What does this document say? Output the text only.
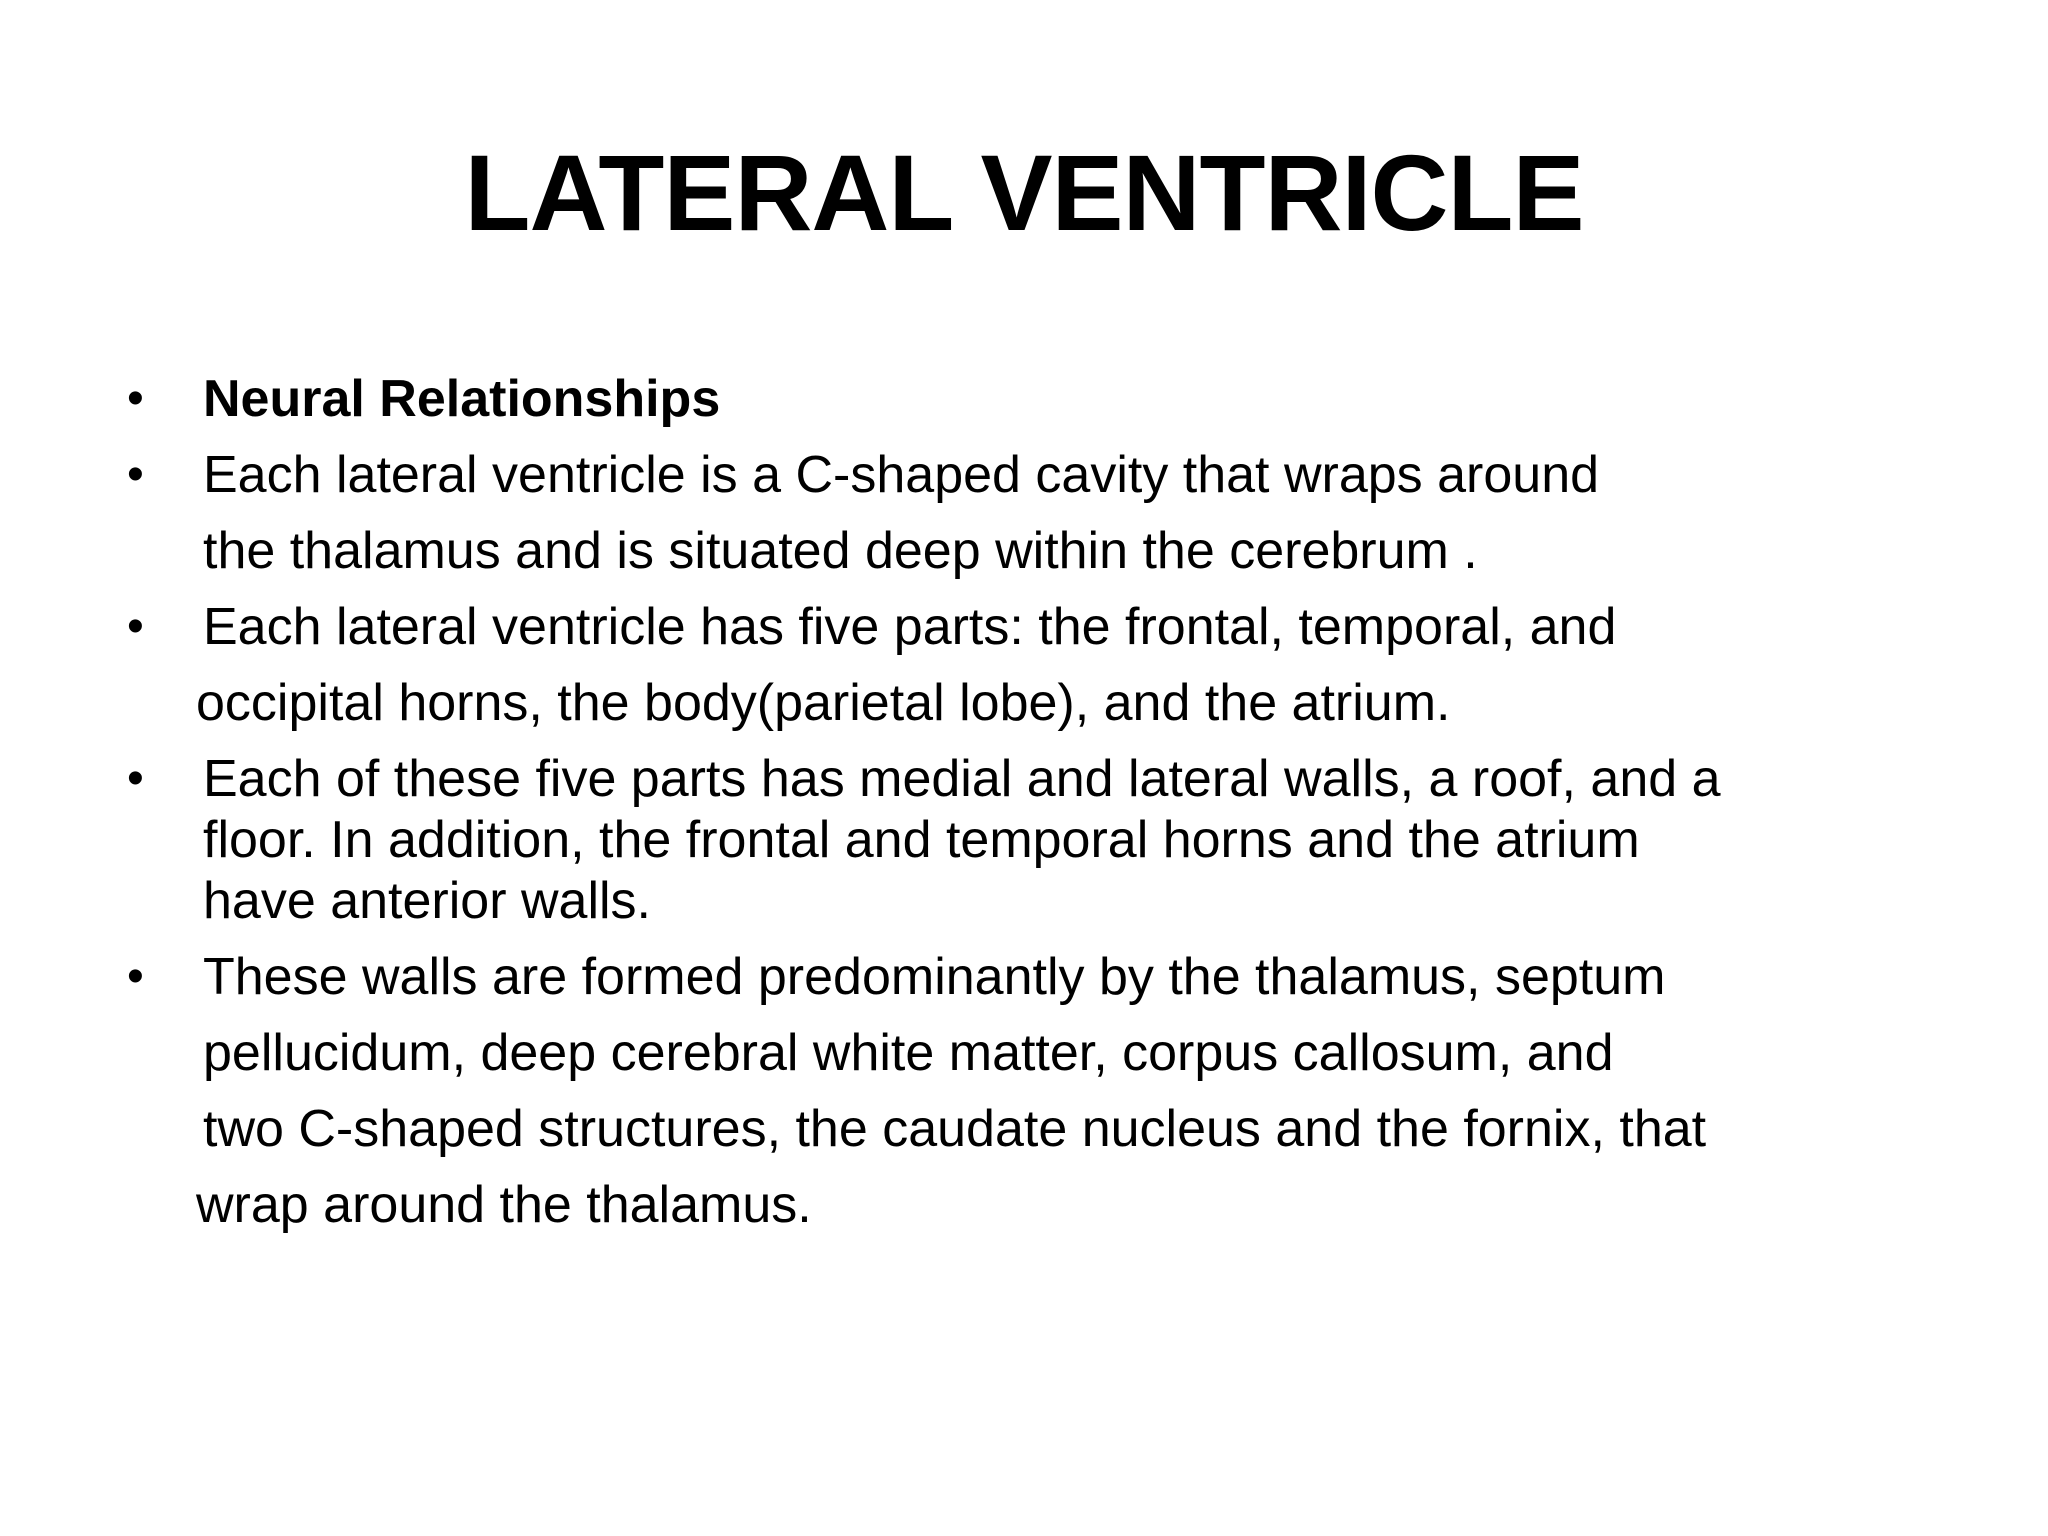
LATERAL VENTRICLE
• Neural Relationships
• Each lateral ventricle is a C-shaped cavity that wraps around
the thalamus and is situated deep within the cerebrum .
• Each lateral ventricle has five parts: the frontal, temporal, and
occipital horns, the body(parietal lobe), and the atrium.
• Each of these five parts has medial and lateral walls, a roof, and a
floor. In addition, the frontal and temporal horns and the atrium
have anterior walls.
• These walls are formed predominantly by the thalamus, septum
pellucidum, deep cerebral white matter, corpus callosum, and
two C-shaped structures, the caudate nucleus and the fornix, that
wrap around the thalamus.
